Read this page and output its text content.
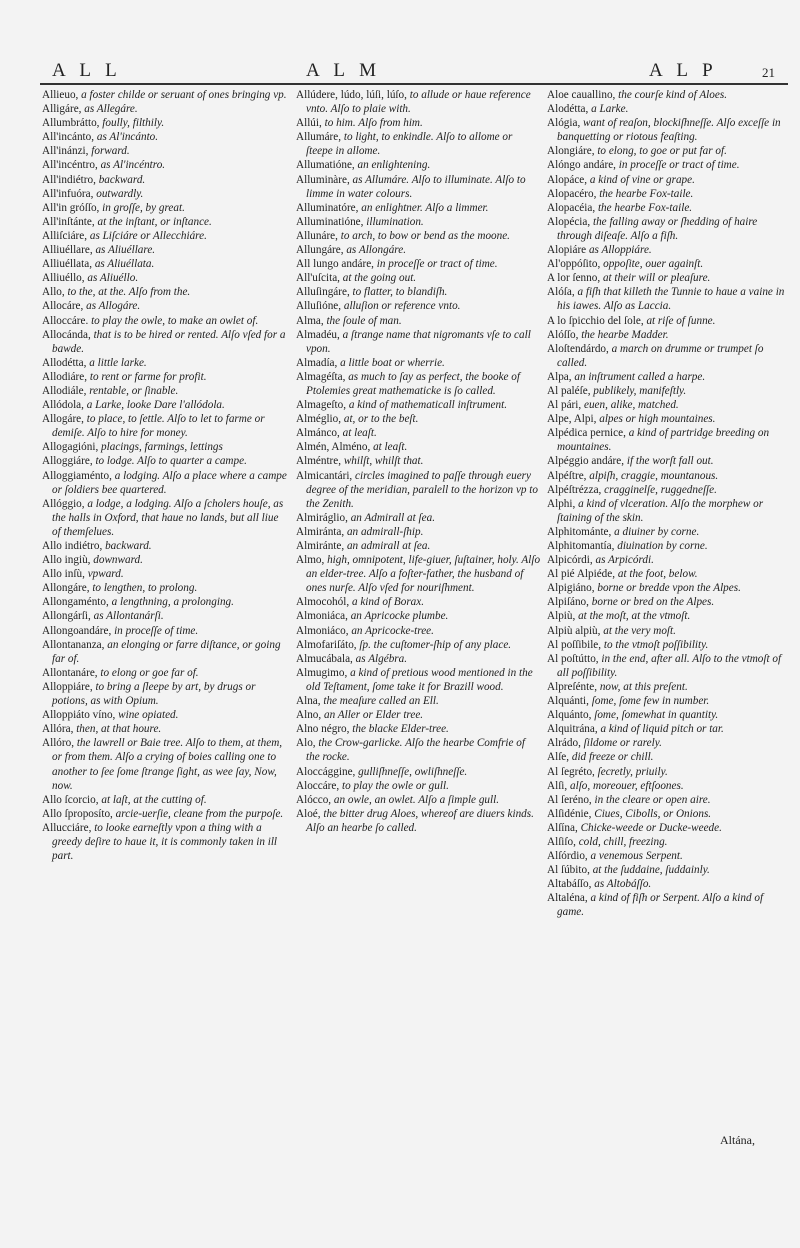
A L L	A L M	A L P	21

Allieuo, a foster childe or seruant of ones bringing vp.

Alligáre, as Allegáre.

Allumbrátto, foully, filthily.

All'incánto, as Al'incánto.

All'inánzi, forward.

All'incéntro, as Al'incéntro.

All'indiétro, backward.

All'infuóra, outwardly.

All'in gróſſo, in groſſe, by great.

All'inſtánte, at the inſtant, or inſtance.

Alliſciáre, as Liſciáre or Allecchiáre.

Alliuéllare, as Aliuéllare.

Alliuéllata, as Aliuéllata.

Alliuéllo, as Aliuéllo.

Allo, to the, at the. Alſo from the.

Allocáre, as Allogáre.

Alloccáre. to play the owle, to make an owlet of.

Allocánda, that is to be hired or rented. Alſo vſed for a bawde.

Allodétta, a little larke.

Allodiáre, to rent or farme for profit.

Allodiále, rentable, or ſinable.

Allódola, a Larke, looke Dare l'allódola.

Allogáre, to place, to ſettle. Alſo to let to farme or demiſe. Alſo to hire for money.

Allogagióni, placings, farmings, lettings

Alloggiáre, to lodge. Alſo to quarter a campe.

Alloggiaménto, a lodging. Alſo a place where a campe or ſoldiers bee quartered.

Allóggio, a lodge, a lodging. Alſo a ſcholers houſe, as the halls in Oxford, that haue no lands, but all liue of themſelues.

Allo indiétro, backward.

Allo ingiù, downward.

Allo inſù, vpward.

Allongáre, to lengthen, to prolong.

Allongaménto, a lengthning, a prolonging.

Allongárſi, as Allontanárſi.

Allongoandáre, in proceſſe of time.

Allontananza, an elonging or farre diſtance, or going far of.

Allontanáre, to elong or goe far of.

Alloppiáre, to bring a ſleepe by art, by drugs or potions, as with Opium.

Alloppiáto víno, wine opiated.

Allóra, then, at that houre.

Allóro, the lawrell or Baie tree. Alſo to them, at them, or from them. Alſo a crying of boies calling one to another to ſee ſome ſtrange ſight, as wee ſay, Now, now.

Allo ſcorcio, at laſt, at the cutting of.

Allo ſproposíto, arcie-uerſie, cleane from the purpoſe.

Allucciáre, to looke earneſtly vpon a thing with a greedy deſire to haue it, it is commonly taken in ill part.

Allúdere, lúdo, lúſi, lúſo, to allude or haue reference vnto. Alſo to plaie with.

Allúi, to him. Alſo from him.

Allumáre, to light, to enkindle. Alſo to allome or ſteepe in allome.

Allumatióne, an enlightening.

Alluminàre, as Allumáre. Alſo to illuminate. Alſo to limme in water colours.

Alluminatóre, an enlightner. Alſo a limmer.

Alluminatióne, illumination.

Allunáre, to arch, to bow or bend as the moone.

Allungáre, as Allongáre.

All lungo andáre, in proceſſe or tract of time.

All'uſcita, at the going out.

Alluſingáre, to flatter, to blandiſh.

Alluſióne, alluſion or reference vnto.

Alma, the ſoule of man.

Almadéu, a ſtrange name that nigromants vſe to call vpon.

Almadía, a little boat or wherrie.

Almagéſta, as much to ſay as perfect, the booke of Ptolemies great mathematicke is ſo called.

Almageſto, a kind of mathematicall inſtrument.

Alméglio, at, or to the beſt.

Almánco, at leaſt.

Almén, Alméno, at leaſt.

Alméntre, whilſt, whilſt that.

Almicantári, circles imagined to paſſe through euery degree of the meridian, paralell to the horizon vp to the Zenith.

Almiráglio, an Admirall at ſea.

Almiránta, an admirall-ſhip.

Almiránte, an admirall at ſea.

Almo, high, omnipotent, life-giuer, ſuſtainer, holy. Alſo an elder-tree. Alſo a foſter-father, the husband of ones nurſe. Alſo vſed for nouriſhment.

Almocohól, a kind of Borax.

Almoniáca, an Apricocke plumbe.

Almoniáco, an Apricocke-tree.

Almofariſáto, ſp. the cuſtomer-ſhip of any place.

Almucábala, as Algébra.

Almugimo, a kind of pretious wood mentioned in the old Teſtament, ſome take it for Brazill wood.

Alna, the meaſure called an Ell.

Alno, an Aller or Elder tree.

Alno négro, the blacke Elder-tree.

Alo, the Crow-garlicke. Alſo the hearbe Comfrie of the rocke.

Aloccággine, gulliſhneſſe, owliſhneſſe.

Aloccáre, to play the owle or gull.

Alócco, an owle, an owlet. Alſo a ſimple gull.

Aloé, the bitter drug Aloes, whereof are diuers kinds. Alſo an hearbe ſo called.

Aloe cauallino, the courſe kind of Aloes.

Alodétta, a Larke.

Alógia, want of reaſon, blockiſhneſſe. Alſo exceſſe in banquetting or riotous feaſting.

Alongiáre, to elong, to goe or put far of.

Alóngo andáre, in proceſſe or tract of time.

Alopáce, a kind of vine or grape.

Alopacéro, the hearbe Fox-taile.

Alopacéia, the hearbe Fox-taile.

Alopécia, the falling away or ſhedding of haire through diſeaſe. Alſo a fiſh.

Alopiáre as Alloppiáre.

Al'oppóſito, oppoſite, ouer againſt.

A lor ſenno, at their will or pleaſure.

Alóſa, a fiſh that killeth the Tunnie to haue a vaine in his iawes. Alſo as Laccia.

A lo ſpicchio del ſole, at riſe of ſunne.

Alóſſo, the hearbe Madder.

Aloſtendárdo, a march on drumme or trumpet ſo called.

Alpa, an inſtrument called a harpe.

Al paléſe, publikely, manifeſtly.

Al pári, euen, alike, matched.

Alpe, Alpi, alpes or high mountaines.

Alpédica pernice, a kind of partridge breeding on mountaines.

Alpéggio andáre, if the worſt fall out.

Alpéſtre, alpiſh, craggie, mountanous.

Alpéſtrézza, cragginelſe, ruggedneſſe.

Alphi, a kind of vlceration. Alſo the morphew or ſtaining of the skin.

Alphitománte, a diuiner by corne.

Alphitomantía, diuination by corne.

Alpicórdi, as Arpicórdi.

Al pié Alpiéde, at the foot, below.

Alpigiáno, borne or bredde vpon the Alpes.

Alpiſáno, borne or bred on the Alpes.

Alpiù, at the moſt, at the vtmoſt.

Alpiù alpiù, at the very moſt.

Al poſſibile, to the vtmoſt poſſibility.

Al poſtútto, in the end, after all. Alſo to the vtmoſt of all poſſibility.

Alpreſénte, now, at this preſent.

Alquánti, ſome, ſome few in number.

Alquánto, ſome, ſomewhat in quantity.

Alquitrána, a kind of liquid pitch or tar.

Alrádo, ſildome or rarely.

Alſe, did freeze or chill.

Al ſegréto, ſecretly, priuily.

Alſi, alſo, moreouer, eftſoones.

Al ſeréno, in the cleare or open aire.

Alſidénie, Ciues, Cibolls, or Onions.

Alſína, Chicke-weede or Ducke-weede.

Alſiſo, cold, chill, freezing.

Alſórdio, a venemous Serpent.

Al ſúbito, at the ſuddaine, ſuddainly.

Altabáſſo, as Altobáſſo.

Altaléna, a kind of fiſh or Serpent. Alſo a kind of game.

Altána,
